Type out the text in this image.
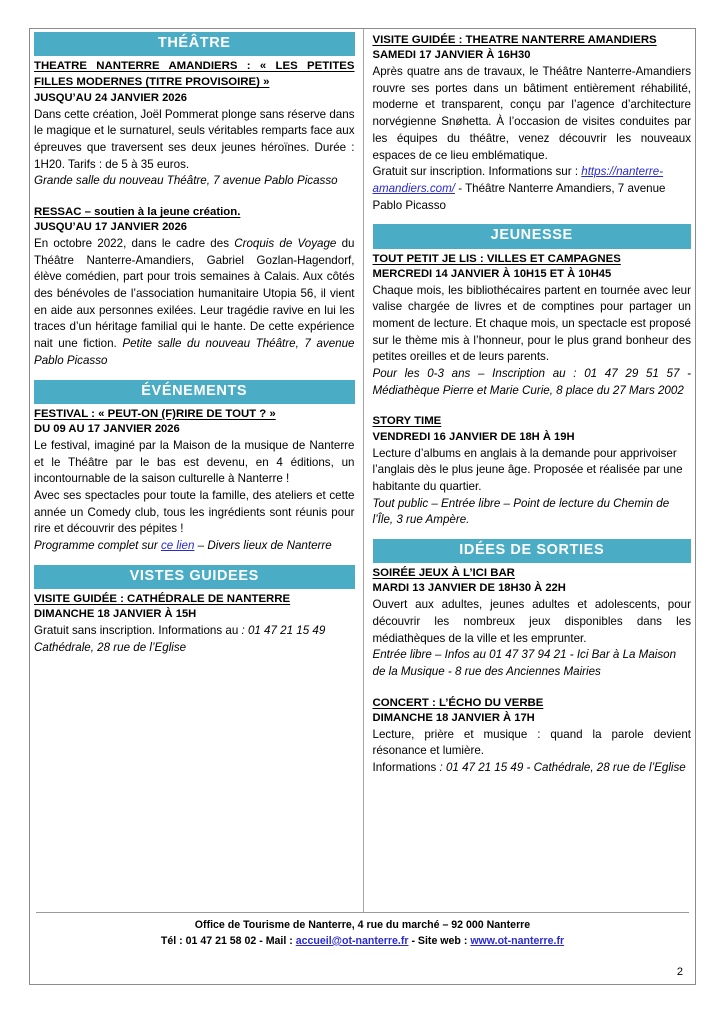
THÉÂTRE
THEATRE NANTERRE AMANDIERS : « LES PETITES FILLES MODERNES (TITRE PROVISOIRE) »
JUSQU’AU 24 JANVIER 2026
Dans cette création, Joël Pommerat plonge sans réserve dans le magique et le surnaturel, seuls véritables remparts face aux épreuves que traversent ses deux jeunes héroïnes. Durée : 1H20. Tarifs : de 5 à 35 euros.
Grande salle du nouveau Théâtre, 7 avenue Pablo Picasso
RESSAC – soutien à la jeune création.
JUSQU’AU 17 JANVIER 2026
En octobre 2022, dans le cadre des Croquis de Voyage du Théâtre Nanterre-Amandiers, Gabriel Gozlan-Hagendorf, élève comédien, part pour trois semaines à Calais. Aux côtés des bénévoles de l’association humanitaire Utopia 56, il vient en aide aux personnes exilées. Leur tragédie ravive en lui les traces d’un héritage familial qui le hante. De cette expérience nait une fiction. Petite salle du nouveau Théâtre, 7 avenue Pablo Picasso
ÉVÉNEMENTS
FESTIVAL : « PEUT-ON (F)RIRE DE TOUT ? »
DU 09 AU 17 JANVIER 2026
Le festival, imaginé par la Maison de la musique de Nanterre et le Théâtre par le bas est devenu, en 4 éditions, un incontournable de la saison culturelle à Nanterre !
Avec ses spectacles pour toute la famille, des ateliers et cette année un Comedy club, tous les ingrédients sont réunis pour rire et découvrir des pépites !
Programme complet sur ce lien – Divers lieux de Nanterre
VISTES GUIDEES
VISITE GUIDÉE : CATHÉDRALE DE NANTERRE
DIMANCHE 18 JANVIER À 15H
Gratuit sans inscription. Informations au : 01 47 21 15 49 Cathédrale, 28 rue de l’Eglise
VISITE GUIDÉE : THEATRE NANTERRE AMANDIERS
SAMEDI 17 JANVIER À 16H30
Après quatre ans de travaux, le Théâtre Nanterre-Amandiers rouvre ses portes dans un bâtiment entièrement réhabilité, moderne et transparent, conçu par l’agence d’architecture norvégienne Snøhetta. À l’occasion de visites conduites par les équipes du théâtre, venez découvrir les nouveaux espaces de ce lieu emblématique.
Gratuit sur inscription. Informations sur : https://nanterre-amandiers.com/ - Théâtre Nanterre Amandiers, 7 avenue Pablo Picasso
JEUNESSE
TOUT PETIT JE LIS : VILLES ET CAMPAGNES
MERCREDI 14 JANVIER À 10H15 ET À 10H45
Chaque mois, les bibliothécaires partent en tournée avec leur valise chargée de livres et de comptines pour partager un moment de lecture. Et chaque mois, un spectacle est proposé sur le thème mis à l’honneur, pour le plus grand bonheur des petites oreilles et de leurs parents.
Pour les 0-3 ans – Inscription au : 01 47 29 51 57 - Médiathèque Pierre et Marie Curie, 8 place du 27 Mars 2002
STORY TIME
VENDREDI 16 JANVIER DE 18H À 19H
Lecture d’albums en anglais à la demande pour apprivoiser l’anglais dès le plus jeune âge. Proposée et réalisée par une habitante du quartier.
Tout public – Entrée libre – Point de lecture du Chemin de l’Île, 3 rue Ampère.
IDÉES DE SORTIES
SOIRÉE JEUX À L’ICI BAR
MARDI 13 JANVIER DE 18H30 À 22H
Ouvert aux adultes, jeunes adultes et adolescents, pour découvrir les nombreux jeux disponibles dans les médiathèques de la ville et les emprunter.
Entrée libre – Infos au 01 47 37 94 21 - Ici Bar à La Maison de la Musique - 8 rue des Anciennes Mairies
CONCERT : L’ÉCHO DU VERBE
DIMANCHE 18 JANVIER À 17H
Lecture, prière et musique : quand la parole devient résonance et lumière.
Informations : 01 47 21 15 49 - Cathédrale, 28 rue de l’Eglise
Office de Tourisme de Nanterre, 4 rue du marché – 92 000 Nanterre
Tél : 01 47 21 58 02 - Mail : accueil@ot-nanterre.fr - Site web : www.ot-nanterre.fr
2
